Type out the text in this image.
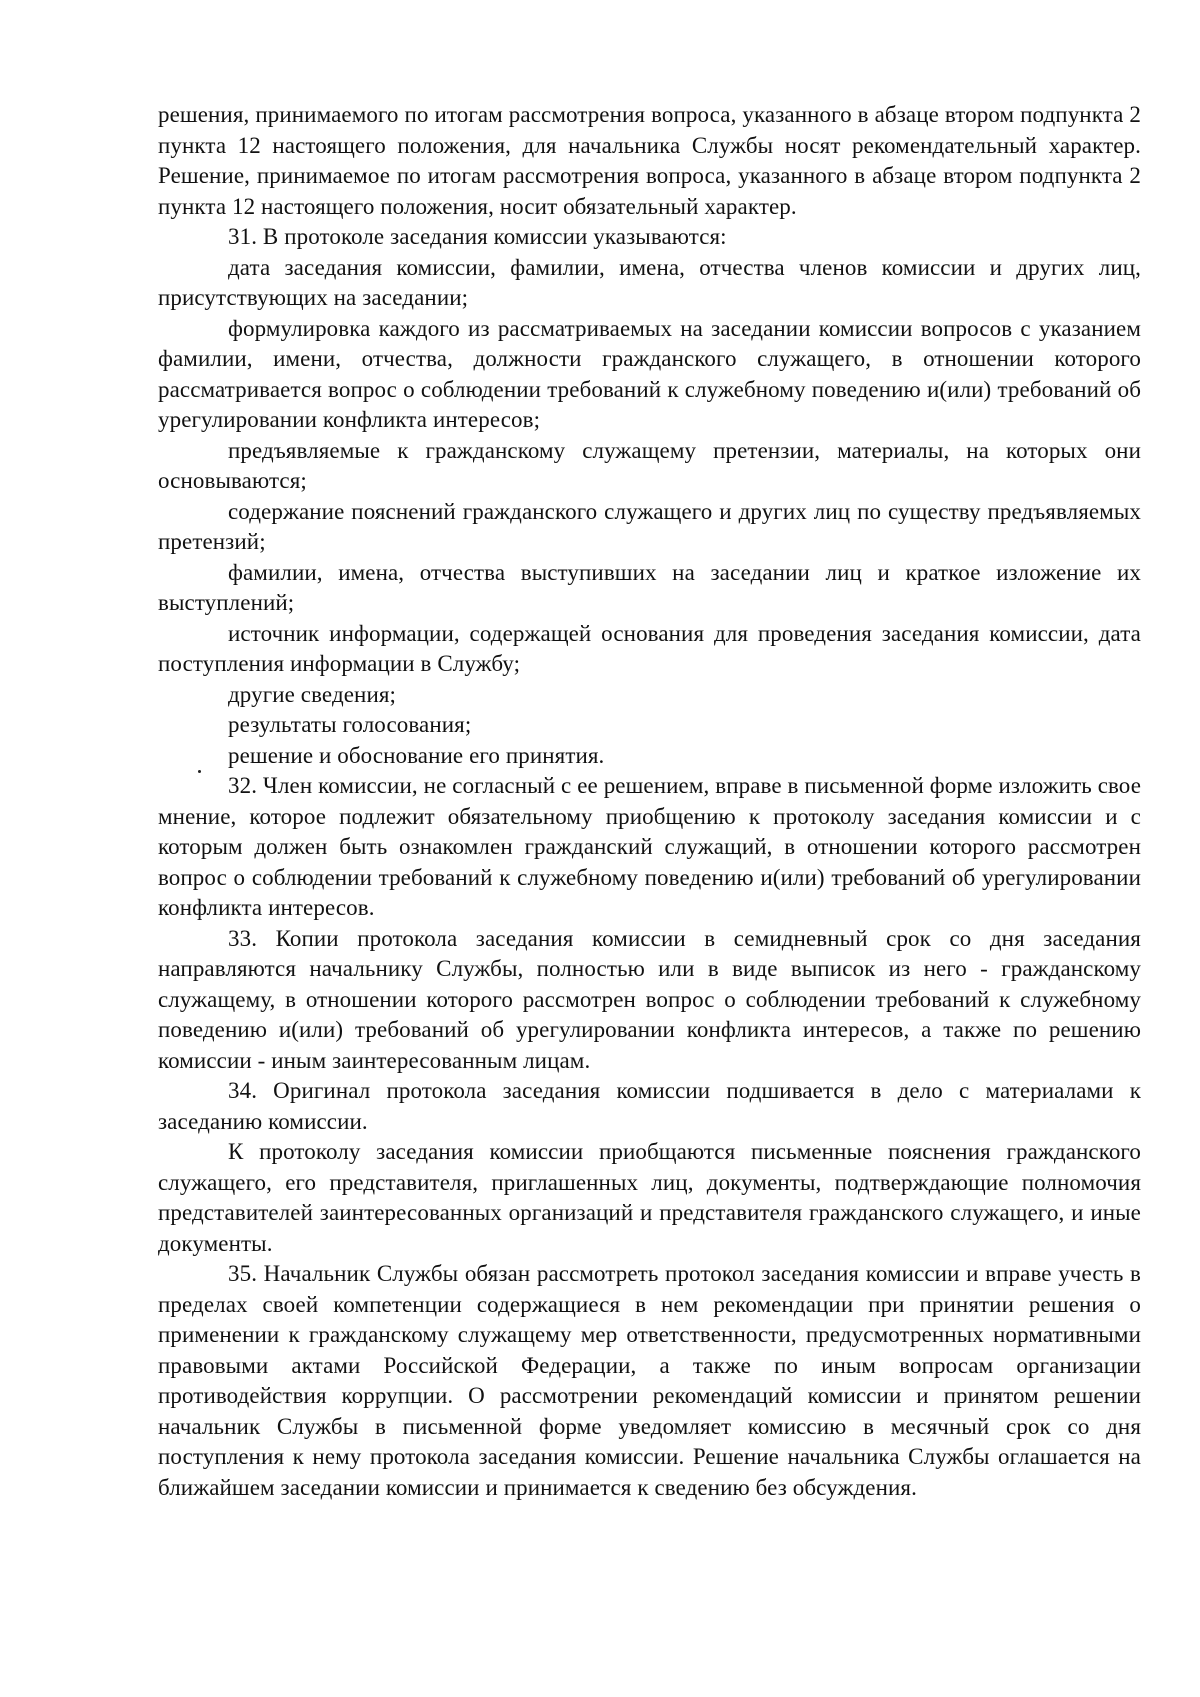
решения, принимаемого по итогам рассмотрения вопроса, указанного в абзаце втором подпункта 2 пункта 12 настоящего положения, для начальника Службы носят рекомендательный характер. Решение, принимаемое по итогам рассмотрения вопроса, указанного в абзаце втором подпункта 2 пункта 12 настоящего положения, носит обязательный характер.

31. В протоколе заседания комиссии указываются:

дата заседания комиссии, фамилии, имена, отчества членов комиссии и других лиц, присутствующих на заседании;

формулировка каждого из рассматриваемых на заседании комиссии вопросов с указанием фамилии, имени, отчества, должности гражданского служащего, в отношении которого рассматривается вопрос о соблюдении требований к служебному поведению и(или) требований об урегулировании конфликта интересов;

предъявляемые к гражданскому служащему претензии, материалы, на которых они основываются;

содержание пояснений гражданского служащего и других лиц по существу предъявляемых претензий;

фамилии, имена, отчества выступивших на заседании лиц и краткое изложение их выступлений;

источник информации, содержащей основания для проведения заседания комиссии, дата поступления информации в Службу;

другие сведения;

результаты голосования;

решение и обоснование его принятия.

32. Член комиссии, не согласный с ее решением, вправе в письменной форме изложить свое мнение, которое подлежит обязательному приобщению к протоколу заседания комиссии и с которым должен быть ознакомлен гражданский служащий, в отношении которого рассмотрен вопрос о соблюдении требований к служебному поведению и(или) требований об урегулировании конфликта интересов.

33. Копии протокола заседания комиссии в семидневный срок со дня заседания направляются начальнику Службы, полностью или в виде выписок из него - гражданскому служащему, в отношении которого рассмотрен вопрос о соблюдении требований к служебному поведению и(или) требований об урегулировании конфликта интересов, а также по решению комиссии - иным заинтересованным лицам.

34. Оригинал протокола заседания комиссии подшивается в дело с материалами к заседанию комиссии.

К протоколу заседания комиссии приобщаются письменные пояснения гражданского служащего, его представителя, приглашенных лиц, документы, подтверждающие полномочия представителей заинтересованных организаций и представителя гражданского служащего, и иные документы.

35. Начальник Службы обязан рассмотреть протокол заседания комиссии и вправе учесть в пределах своей компетенции содержащиеся в нем рекомендации при принятии решения о применении к гражданскому служащему мер ответственности, предусмотренных нормативными правовыми актами Российской Федерации, а также по иным вопросам организации противодействия коррупции. О рассмотрении рекомендаций комиссии и принятом решении начальник Службы в письменной форме уведомляет комиссию в месячный срок со дня поступления к нему протокола заседания комиссии. Решение начальника Службы оглашается на ближайшем заседании комиссии и принимается к сведению без обсуждения.
